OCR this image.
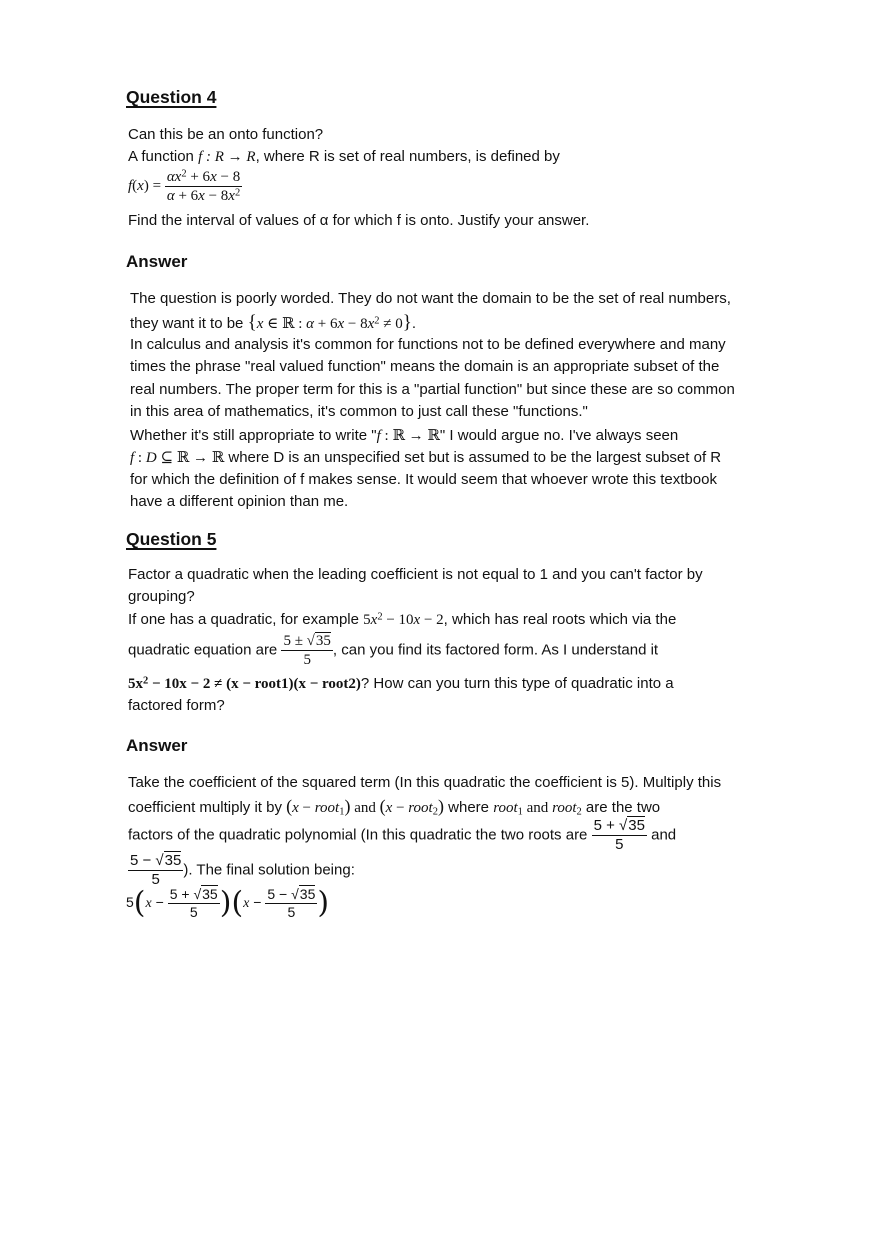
Question 4
Can this be an onto function?
A function f : R → R, where R is set of real numbers, is defined by
$f(x) = \frac{\alpha x^2 + 6x - 8}{\alpha + 6x - 8x^2}$
Find the interval of values of α for which f is onto. Justify your answer.
Answer
The question is poorly worded. They do not want the domain to be the set of real numbers,
they want it to be {x ∈ ℝ : $\alpha + 6x - 8x^2 \ne 0$}.
In calculus and analysis it's common for functions not to be defined everywhere and many
times the phrase "real valued function" means the domain is an appropriate subset of the
real numbers. The proper term for this is a "partial function" but since these are so common
in this area of mathematics, it's common to just call these "functions."
Whether it's still appropriate to write "f : ℝ → ℝ" I would argue no. I've always seen
f : D ⊆ ℝ → ℝ where D is an unspecified set but is assumed to be the largest subset of R
for which the definition of f makes sense. It would seem that whoever wrote this textbook
have a different opinion than me.
Question 5
Factor a quadratic when the leading coefficient is not equal to 1 and you can't factor by
grouping?
If one has a quadratic, for example $5x^2 - 10x - 2$, which has real roots which via the
quadratic equation are $\frac{5 \pm √35}{5}$ , can you find its factored form. As I understand it
$5x^2 - 10x - 2 \ne (x$ − root1)(x − root2)? How can you turn this type of quadratic into a
factored form?
Answer
Take the coefficient of the squared term (In this quadratic the coefficient is 5). Multiply this
coefficient multiply it by (x − root$_1$) and (x − root$_2$) where root$_1$ and root$_2$ are the two
factors of the quadratic polynomial (In this quadratic the two roots are $\frac{5 + √35}{5}$ and
$\frac{5 - √35}{5}$ ). The final solution being:
$5(x - \frac{5 + √35}{5} )(x - \frac{5 - √35}{5}$ )
